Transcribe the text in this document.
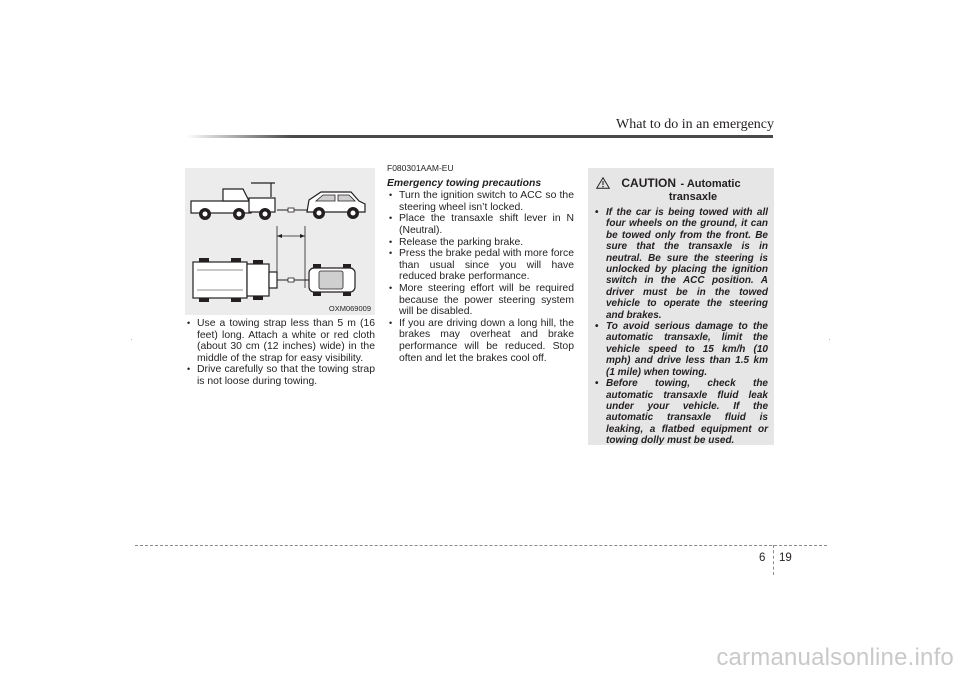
What to do in an emergency
OXM069009
• Use a towing strap less than 5 m (16 feet) long. Attach a white or red cloth (about 30 cm (12 inches) wide) in the middle of the strap for easy visibility.
• Drive carefully so that the towing strap is not loose during towing.
F080301AAM-EU
Emergency towing precautions
• Turn the ignition switch to ACC so the steering wheel isn’t locked.
• Place the transaxle shift lever in N (Neutral).
• Release the parking brake.
• Press the brake pedal with more force than usual since you will have reduced brake performance.
• More steering effort will be required because the power steering system will be disabled.
• If you are driving down a long hill, the brakes may overheat and brake performance will be reduced. Stop often and let the brakes cool off.
CAUTION - Automatic
transaxle
• If the car is being towed with all four wheels on the ground, it can be towed only from the front. Be sure that the transaxle is in neutral. Be sure the steering is unlocked by placing the ignition switch in the ACC position. A driver must be in the towed vehicle to operate the steering and brakes.
• To avoid serious damage to the automatic transaxle, limit the vehicle speed to 15 km/h (10 mph) and drive less than 1.5 km (1 mile) when towing.
• Before towing, check the automatic transaxle fluid leak under your vehicle. If the automatic transaxle fluid is leaking, a flatbed equipment or towing dolly must be used.
6 19
carmanualsonline.info
